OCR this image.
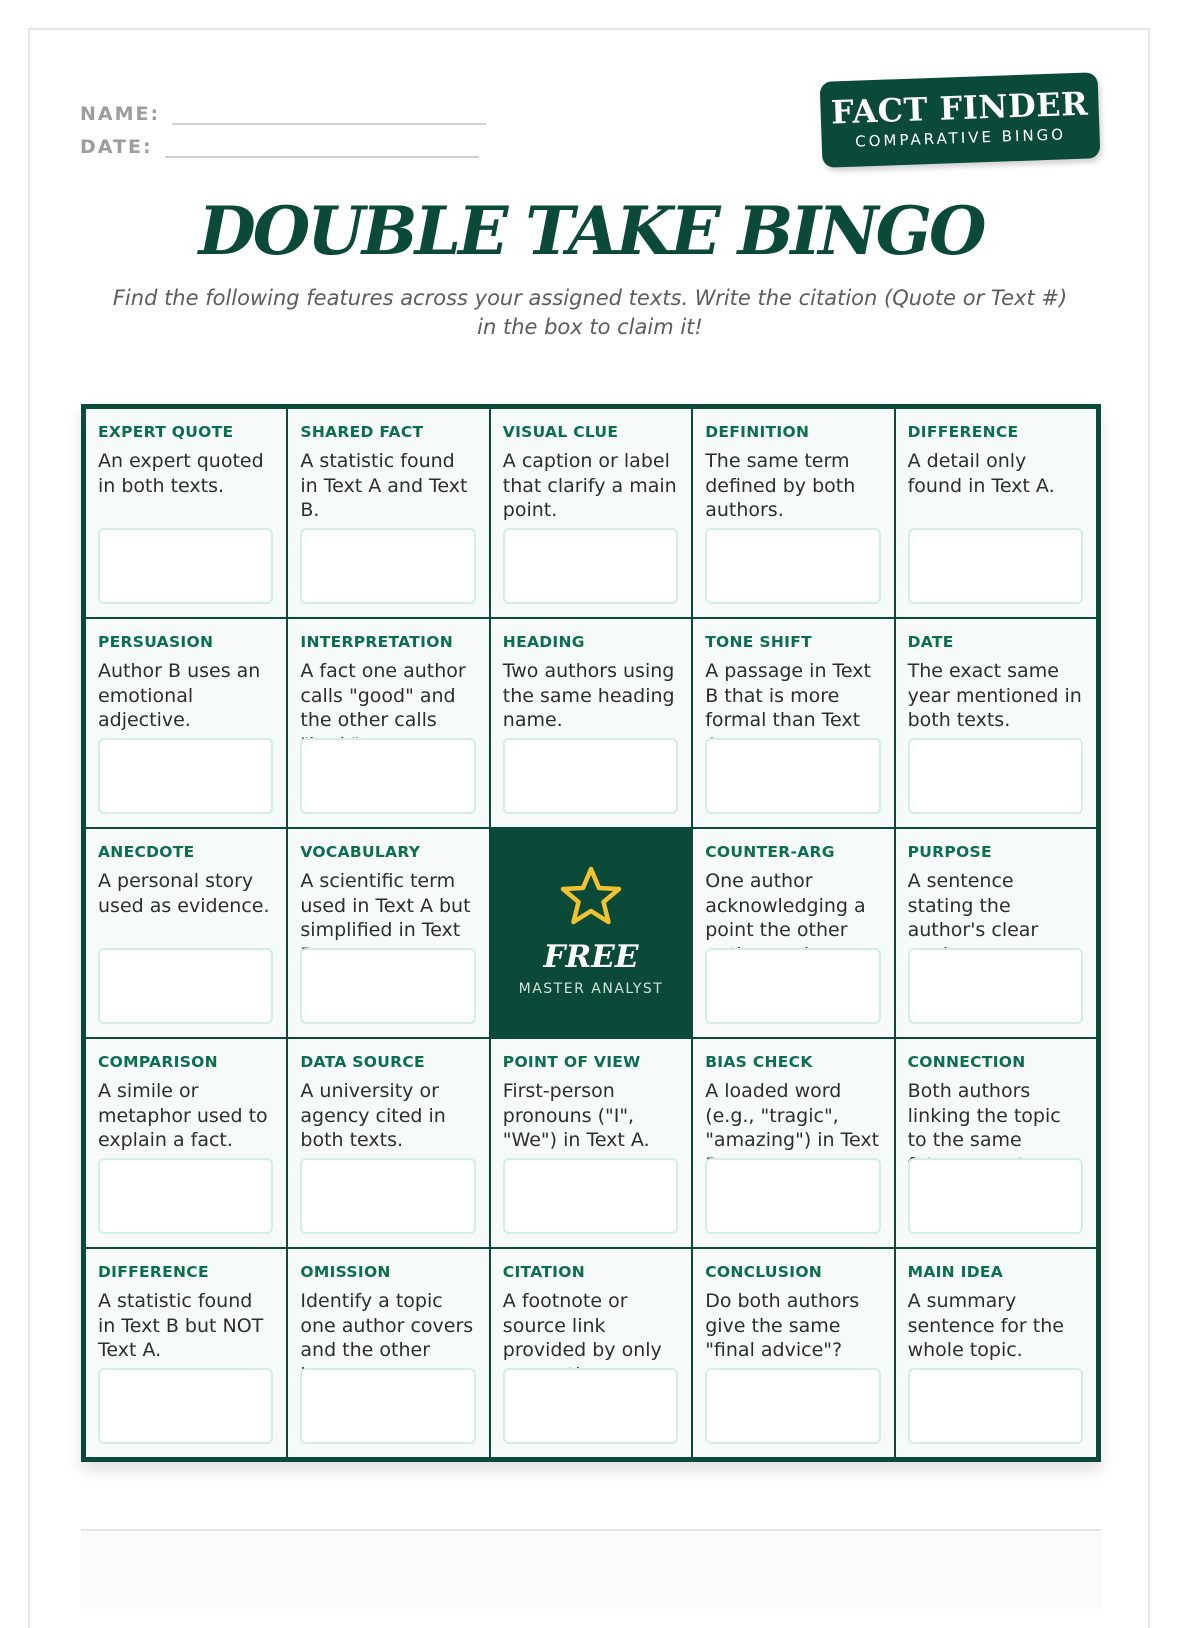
NAME:
DATE:
FACT FINDER
COMPARATIVE BINGO
DOUBLE TAKE BINGO

Find the following features across your assigned texts. Write the citation (Quote or Text #) in the box to claim it!

EXPERT QUOTE
An expert quoted in both texts.
SHARED FACT
A statistic found in Text A and Text B.
VISUAL CLUE
A caption or label that clarify a main point.
DEFINITION
The same term defined by both authors.
DIFFERENCE
A detail only found in Text A.
PERSUASION
Author B uses an emotional adjective.
INTERPRETATION
A fact one author calls "good" and the other calls
HEADING
Two authors using the same heading name.
TONE SHIFT
A passage in Text B that is more formal than Text
DATE
The exact same year mentioned in both texts.
ANECDOTE
A personal story used as evidence.
VOCABULARY
A scientific term used in Text A but simplified in Text
FREE
MASTER ANALYST
COUNTER-ARG
One author acknowledging a point the other
PURPOSE
A sentence stating the author's clear
COMPARISON
A simile or metaphor used to explain a fact.
DATA SOURCE
A university or agency cited in both texts.
POINT OF VIEW
First-person pronouns ("I", "We") in Text A.
BIAS CHECK
A loaded word (e.g., "tragic", "amazing") in Text
CONNECTION
Both authors linking the topic to the same
DIFFERENCE
A statistic found in Text B but NOT Text A.
OMISSION
Identify a topic one author covers and the other
CITATION
A footnote or source link provided by only
CONCLUSION
Do both authors give the same "final advice"?
MAIN IDEA
A summary sentence for the whole topic.
